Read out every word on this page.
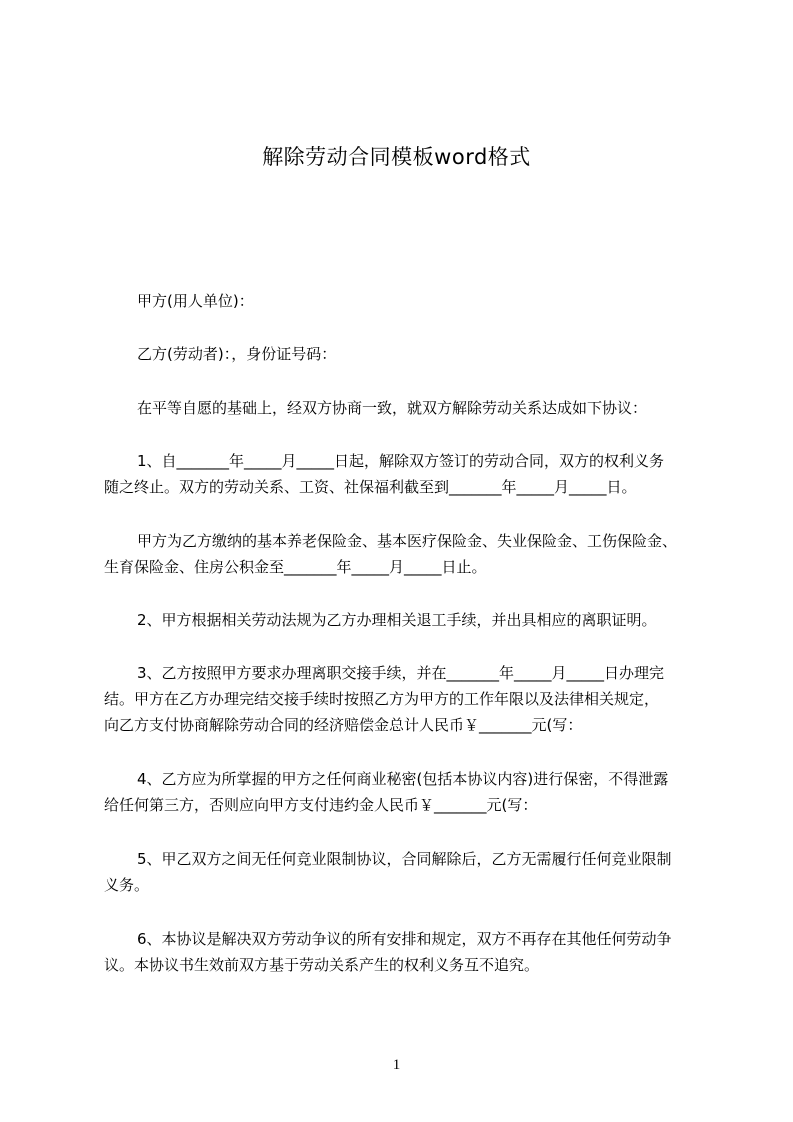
解除劳动合同模板word格式
甲方(用人单位)：
乙方(劳动者)：，身份证号码：
在平等自愿的基础上，经双方协商一致，就双方解除劳动关系达成如下协议：
1、自_______年_____月_____日起，解除双方签订的劳动合同，双方的权利义务
随之终止。双方的劳动关系、工资、社保福利截至到_______年_____月_____日。
甲方为乙方缴纳的基本养老保险金、基本医疗保险金、失业保险金、工伤保险金、
生育保险金、住房公积金至_______年_____月_____日止。
2、甲方根据相关劳动法规为乙方办理相关退工手续，并出具相应的离职证明。
3、乙方按照甲方要求办理离职交接手续，并在_______年_____月_____日办理完
结。甲方在乙方办理完结交接手续时按照乙方为甲方的工作年限以及法律相关规定，
向乙方支付协商解除劳动合同的经济赔偿金总计人民币￥_______元(写：
4、乙方应为所掌握的甲方之任何商业秘密(包括本协议内容)进行保密，不得泄露
给任何第三方，否则应向甲方支付违约金人民币￥_______元(写：
5、甲乙双方之间无任何竞业限制协议，合同解除后，乙方无需履行任何竞业限制
义务。
6、本协议是解决双方劳动争议的所有安排和规定，双方不再存在其他任何劳动争
议。本协议书生效前双方基于劳动关系产生的权利义务互不追究。
1
